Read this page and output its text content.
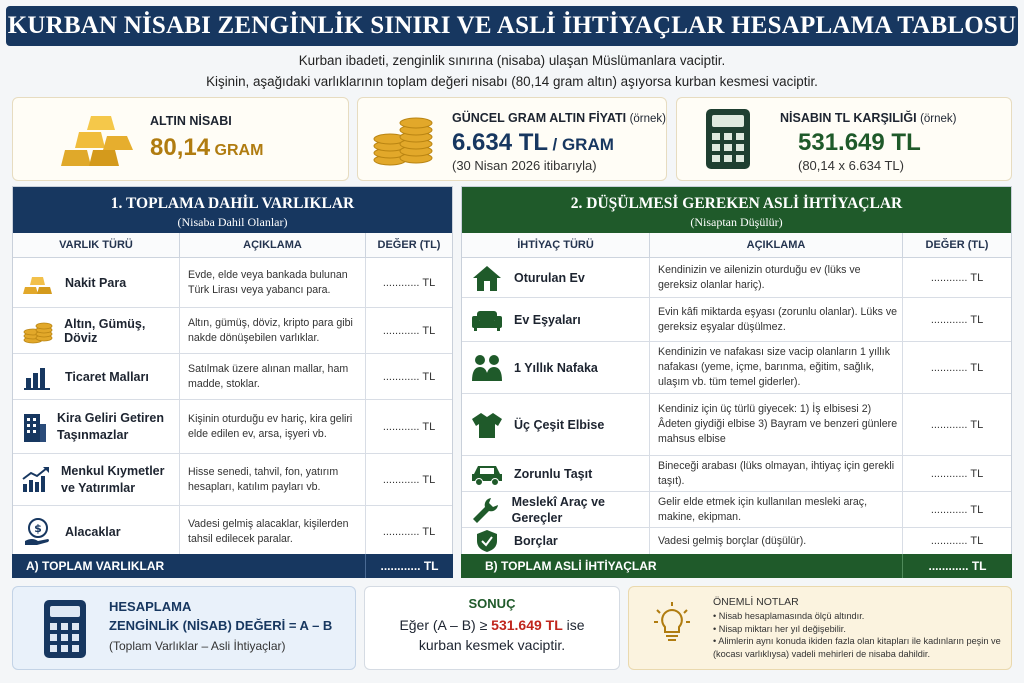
KURBAN NİSABI ZENGİNLİK SINIRI VE ASLİ İHTİYAÇLAR HESAPLAMA TABLOSU
Kurban ibadeti, zenginlik sınırına (nisaba) ulaşan Müslümanlara vaciptir.
Kişinin, aşağıdaki varlıklarının toplam değeri nisabı (80,14 gram altın) aşıyorsa kurban kesmesi vaciptir.
ALTIN NİSABI
80,14 GRAM
GÜNCEL GRAM ALTIN FİYATI (örnek)
6.634 TL / GRAM
(30 Nisan 2026 itibarıyla)
NİSABIN TL KARŞILIĞI (örnek)
531.649 TL
(80,14 x 6.634 TL)
1. TOPLAMA DAHİL VARLIKLAR
(Nisaba Dahil Olanlar)
VARLIK TÜRÜ	AÇIKLAMA	DEĞER (TL)
Nakit Para
Evde, elde veya bankada bulunan Türk Lirası veya yabancı para.
............ TL
Altın, Gümüş, Döviz
Altın, gümüş, döviz, kripto para gibi nakde dönüşebilen varlıklar.
............ TL
Ticaret Malları
Satılmak üzere alınan mallar, ham madde, stoklar.
............ TL
Kira Geliri Getiren Taşınmazlar
Kişinin oturduğu ev hariç, kira geliri elde edilen ev, arsa, işyeri vb.
............ TL
Menkul Kıymetler ve Yatırımlar
Hisse senedi, tahvil, fon, yatırım hesapları, katılım payları vb.
............ TL
$ Alacaklar
Vadesi gelmiş alacaklar, kişilerden tahsil edilecek paralar.
............ TL
A) TOPLAM VARLIKLAR	............ TL
2. DÜŞÜLMESİ GEREKEN ASLİ İHTİYAÇLAR
(Nisaptan Düşülür)
İHTİYAÇ TÜRÜ	AÇIKLAMA	DEĞER (TL)
Oturulan Ev
Kendinizin ve ailenizin oturduğu ev (lüks ve gereksiz olanlar hariç).
............ TL
Ev Eşyaları
Evin kâfi miktarda eşyası (zorunlu olanlar). Lüks ve gereksiz eşyalar düşülmez.
............ TL
1 Yıllık Nafaka
Kendinizin ve nafakası size vacip olanların 1 yıllık nafakası (yeme, içme, barınma, eğitim, sağlık, ulaşım vb. tüm temel giderler).
............ TL
Üç Çeşit Elbise
Kendiniz için üç türlü giyecek: 1) İş elbisesi 2) Âdeten giydiği elbise 3) Bayram ve benzeri günlere mahsus elbise
............ TL
Zorunlu Taşıt
Bineceği arabası (lüks olmayan, ihtiyaç için gerekli taşıt).
............ TL
Meslekî Araç ve Gereçler
Gelir elde etmek için kullanılan mesleki araç, makine, ekipman.
............ TL
Borçlar	Vadesi gelmiş borçlar (düşülür).	............ TL
B) TOPLAM ASLİ İHTİYAÇLAR	............ TL
HESAPLAMA
ZENGİNLİK (NİSAB) DEĞERİ = A – B
(Toplam Varlıklar – Asli İhtiyaçlar)
SONUÇ
Eğer (A – B) ≥ 531.649 TL ise
kurban kesmek vaciptir.
ÖNEMLİ NOTLAR
• Nisab hesaplamasında ölçü altındır.
• Nisap miktarı her yıl değişebilir.
• Alimlerin aynı konuda ikiden fazla olan kitapları ile kadınların peşin ve (kocası varlıklıysa) vadeli mehirleri de nisaba dahildir.
